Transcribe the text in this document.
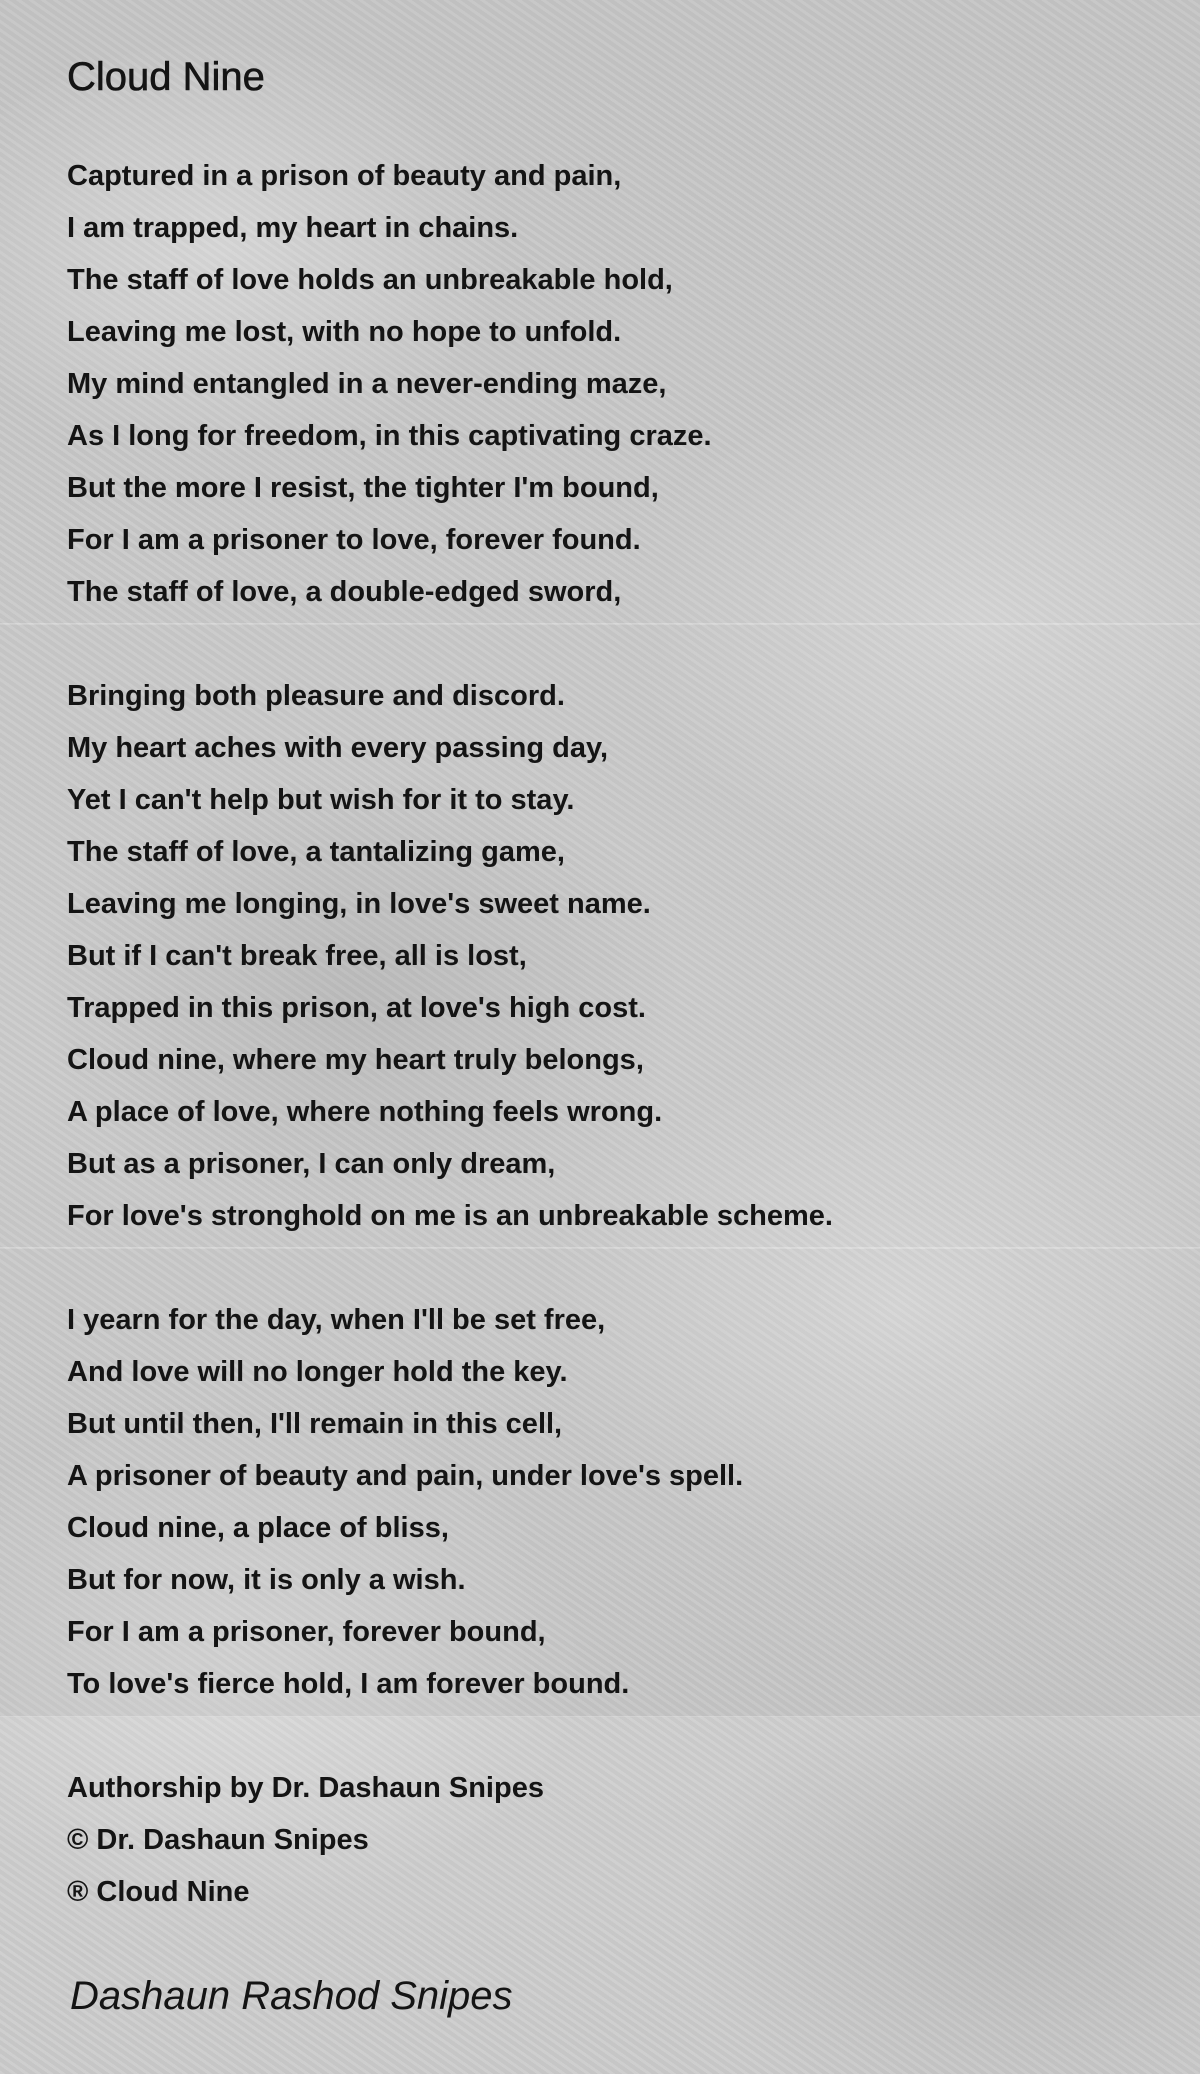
Cloud Nine
Captured in a prison of beauty and pain,
I am trapped, my heart in chains.
The staff of love holds an unbreakable hold,
Leaving me lost, with no hope to unfold.
My mind entangled in a never-ending maze,
As I long for freedom, in this captivating craze.
But the more I resist, the tighter I'm bound,
For I am a prisoner to love, forever found.
The staff of love, a double-edged sword,
Bringing both pleasure and discord.
My heart aches with every passing day,
Yet I can't help but wish for it to stay.
The staff of love, a tantalizing game,
Leaving me longing, in love's sweet name.
But if I can't break free, all is lost,
Trapped in this prison, at love's high cost.
Cloud nine, where my heart truly belongs,
A place of love, where nothing feels wrong.
But as a prisoner, I can only dream,
For love's stronghold on me is an unbreakable scheme.
I yearn for the day, when I'll be set free,
And love will no longer hold the key.
But until then, I'll remain in this cell,
A prisoner of beauty and pain, under love's spell.
Cloud nine, a place of bliss,
But for now, it is only a wish.
For I am a prisoner, forever bound,
To love's fierce hold, I am forever bound.
Authorship by Dr. Dashaun Snipes
© Dr. Dashaun Snipes
® Cloud Nine

Dashaun Rashod Snipes
